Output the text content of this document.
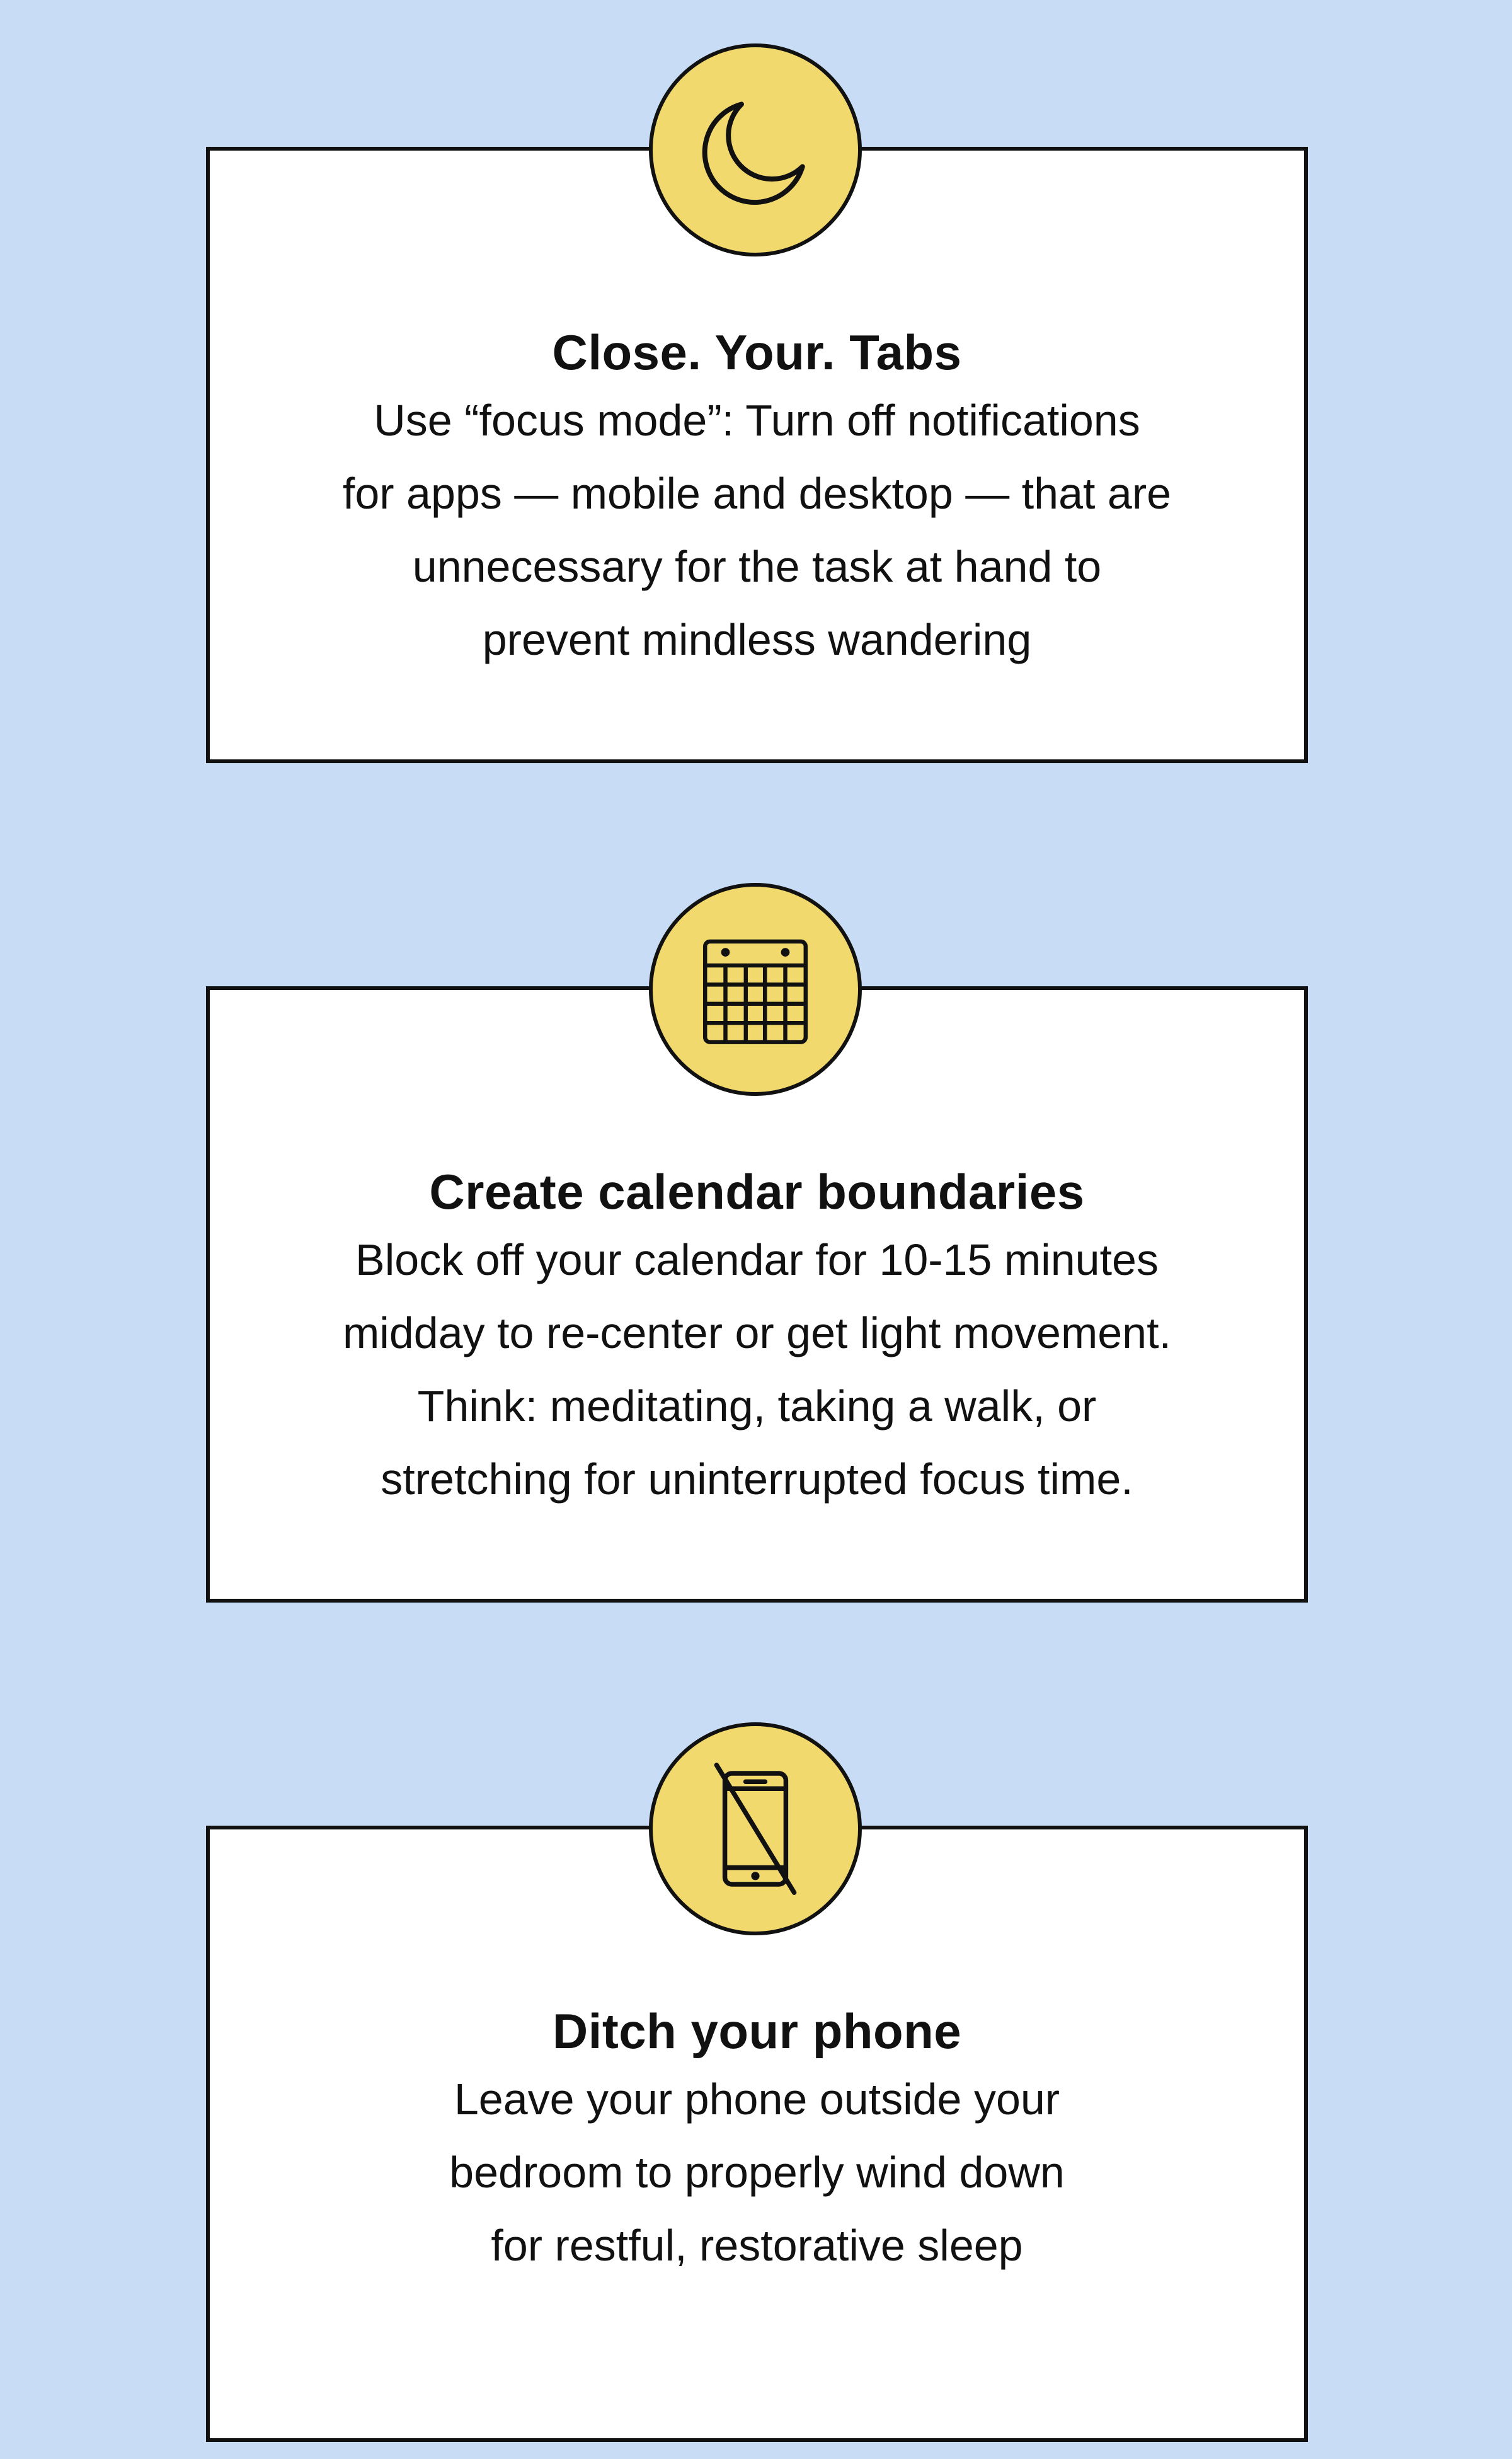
Close. Your. Tabs

Use “focus mode”: Turn off notifications

for apps — mobile and desktop — that are

unnecessary for the task at hand to

prevent mindless wandering

Create calendar boundaries

Block off your calendar for 10-15 minutes

midday to re-center or get light movement.

Think: meditating, taking a walk, or

stretching for uninterrupted focus time.

Ditch your phone

Leave your phone outside your

bedroom to properly wind down

for restful, restorative sleep
